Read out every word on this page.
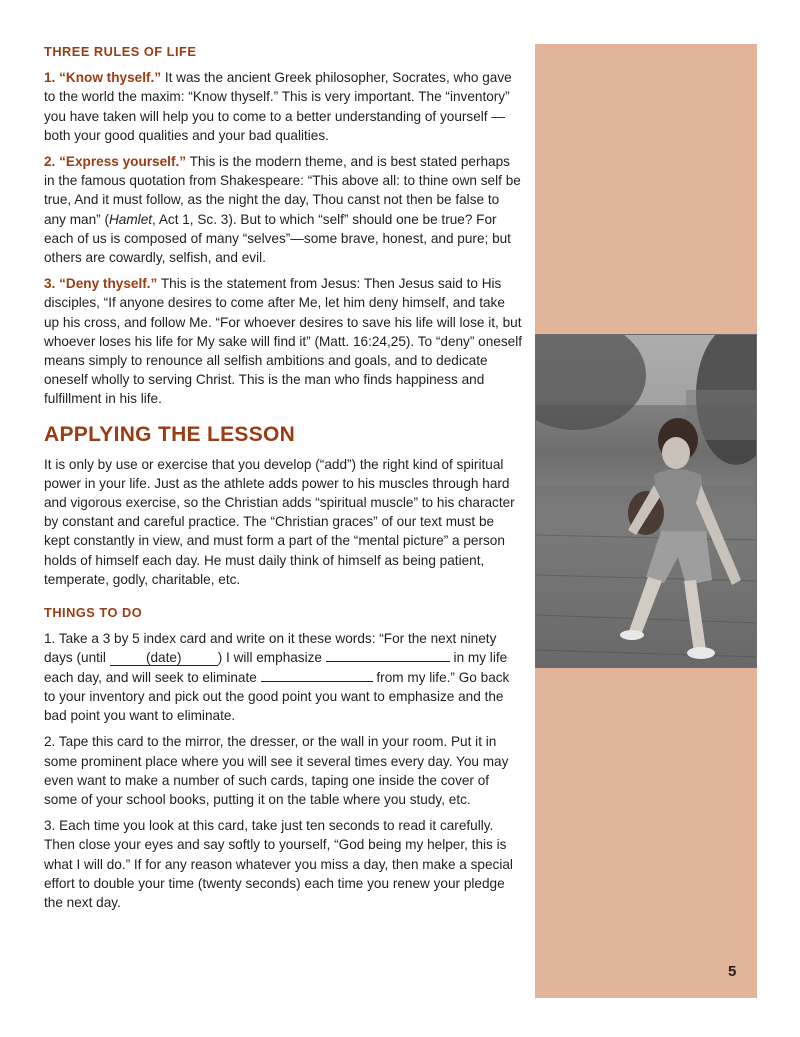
THREE RULES OF LIFE

1. “Know thyself.” It was the ancient Greek philosopher, Socrates, who gave to the world the maxim: “Know thyself.” This is very important. The “inventory” you have taken will help you to come to a better understanding of yourself — both your good qualities and your bad qualities.

2. “Express yourself.” This is the modern theme, and is best stated perhaps in the famous quotation from Shakespeare: “This above all: to thine own self be true, And it must follow, as the night the day, Thou canst not then be false to any man” (Hamlet, Act 1, Sc. 3). But to which “self” should one be true? For each of us is composed of many “selves”—some brave, honest, and pure; but others are cowardly, selfish, and evil.

3. “Deny thyself.” This is the statement from Jesus: Then Jesus said to His disciples, “If anyone desires to come after Me, let him deny himself, and take up his cross, and follow Me. “For whoever desires to save his life will lose it, but whoever loses his life for My sake will find it” (Matt. 16:24,25). To “deny” oneself means simply to renounce all selfish ambitions and goals, and to dedicate oneself wholly to serving Christ. This is the man who finds happiness and fulfillment in his life.

APPLYING THE LESSON

It is only by use or exercise that you develop (“add”) the right kind of spiritual power in your life. Just as the athlete adds power to his muscles through hard and vigorous exercise, so the Christian adds “spiritual muscle” to his character by constant and careful practice. The “Christian graces” of our text must be kept constantly in view, and must form a part of the “mental picture” a person holds of himself each day. He must daily think of himself as being patient, temperate, godly, charitable, etc.

THINGS TO DO

1. Take a 3 by 5 index card and write on it these words: “For the next ninety days (until	(date)	) I will emphasize	in my life each day, and will seek to eliminate	from my life.” Go back to your inventory and pick out the good point you want to emphasize and the bad point you want to eliminate.

2. Tape this card to the mirror, the dresser, or the wall in your room. Put it in some prominent place where you will see it several times every day. You may even want to make a number of such cards, taping one inside the cover of some of your school books, putting it on the table where you study, etc.

3. Each time you look at this card, take just ten seconds to read it carefully. Then close your eyes and say softly to yourself, “God being my helper, this is what I will do.” If for any reason whatever you miss a day, then make a special effort to double your time (twenty seconds) each time you renew your pledge the next day.

5
